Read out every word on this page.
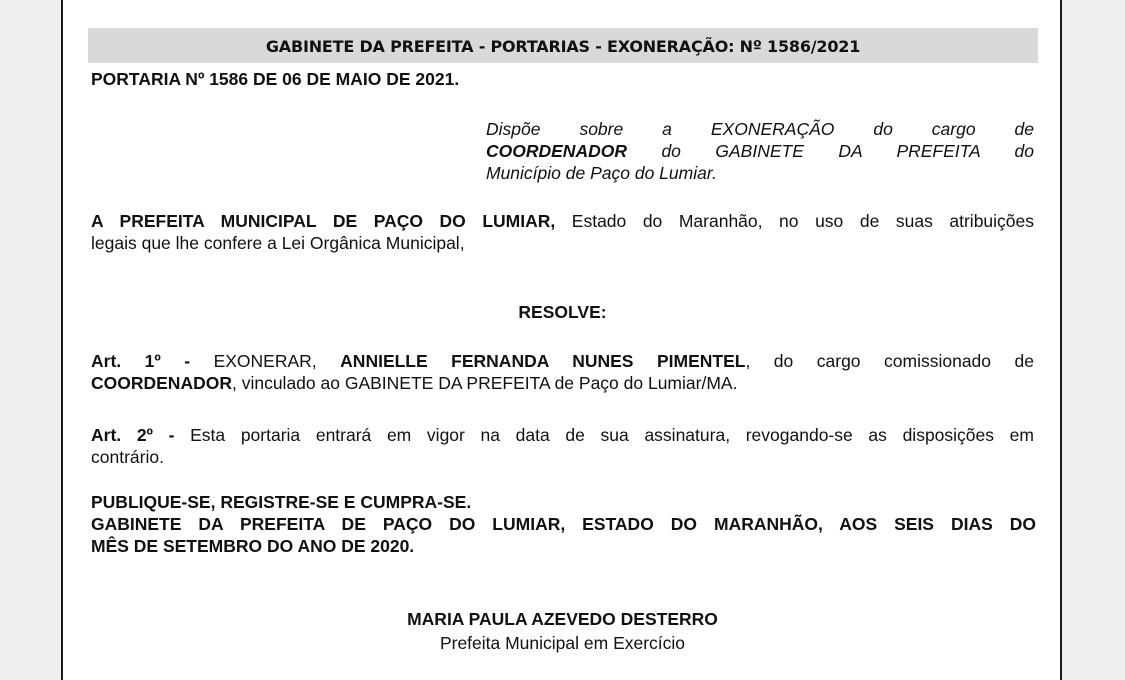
GABINETE DA PREFEITA - PORTARIAS - EXONERAÇÃO: Nº 1586/2021
PORTARIA Nº 1586 DE 06 DE MAIO DE 2021.
Dispõe sobre a EXONERAÇÃO do cargo de
COORDENADOR do GABINETE DA PREFEITA do
Município de Paço do Lumiar.
A PREFEITA MUNICIPAL DE PAÇO DO LUMIAR, Estado do Maranhão, no uso de suas atribuições
legais que lhe confere a Lei Orgânica Municipal,
RESOLVE:
Art. 1º - EXONERAR, ANNIELLE FERNANDA NUNES PIMENTEL, do cargo comissionado de
COORDENADOR, vinculado ao GABINETE DA PREFEITA de Paço do Lumiar/MA.
Art. 2º - Esta portaria entrará em vigor na data de sua assinatura, revogando-se as disposições em
contrário.
PUBLIQUE-SE, REGISTRE-SE E CUMPRA-SE.
GABINETE DA PREFEITA DE PAÇO DO LUMIAR, ESTADO DO MARANHÃO, AOS SEIS DIAS DO
MÊS DE SETEMBRO DO ANO DE 2020.
MARIA PAULA AZEVEDO DESTERRO
Prefeita Municipal em Exercício
